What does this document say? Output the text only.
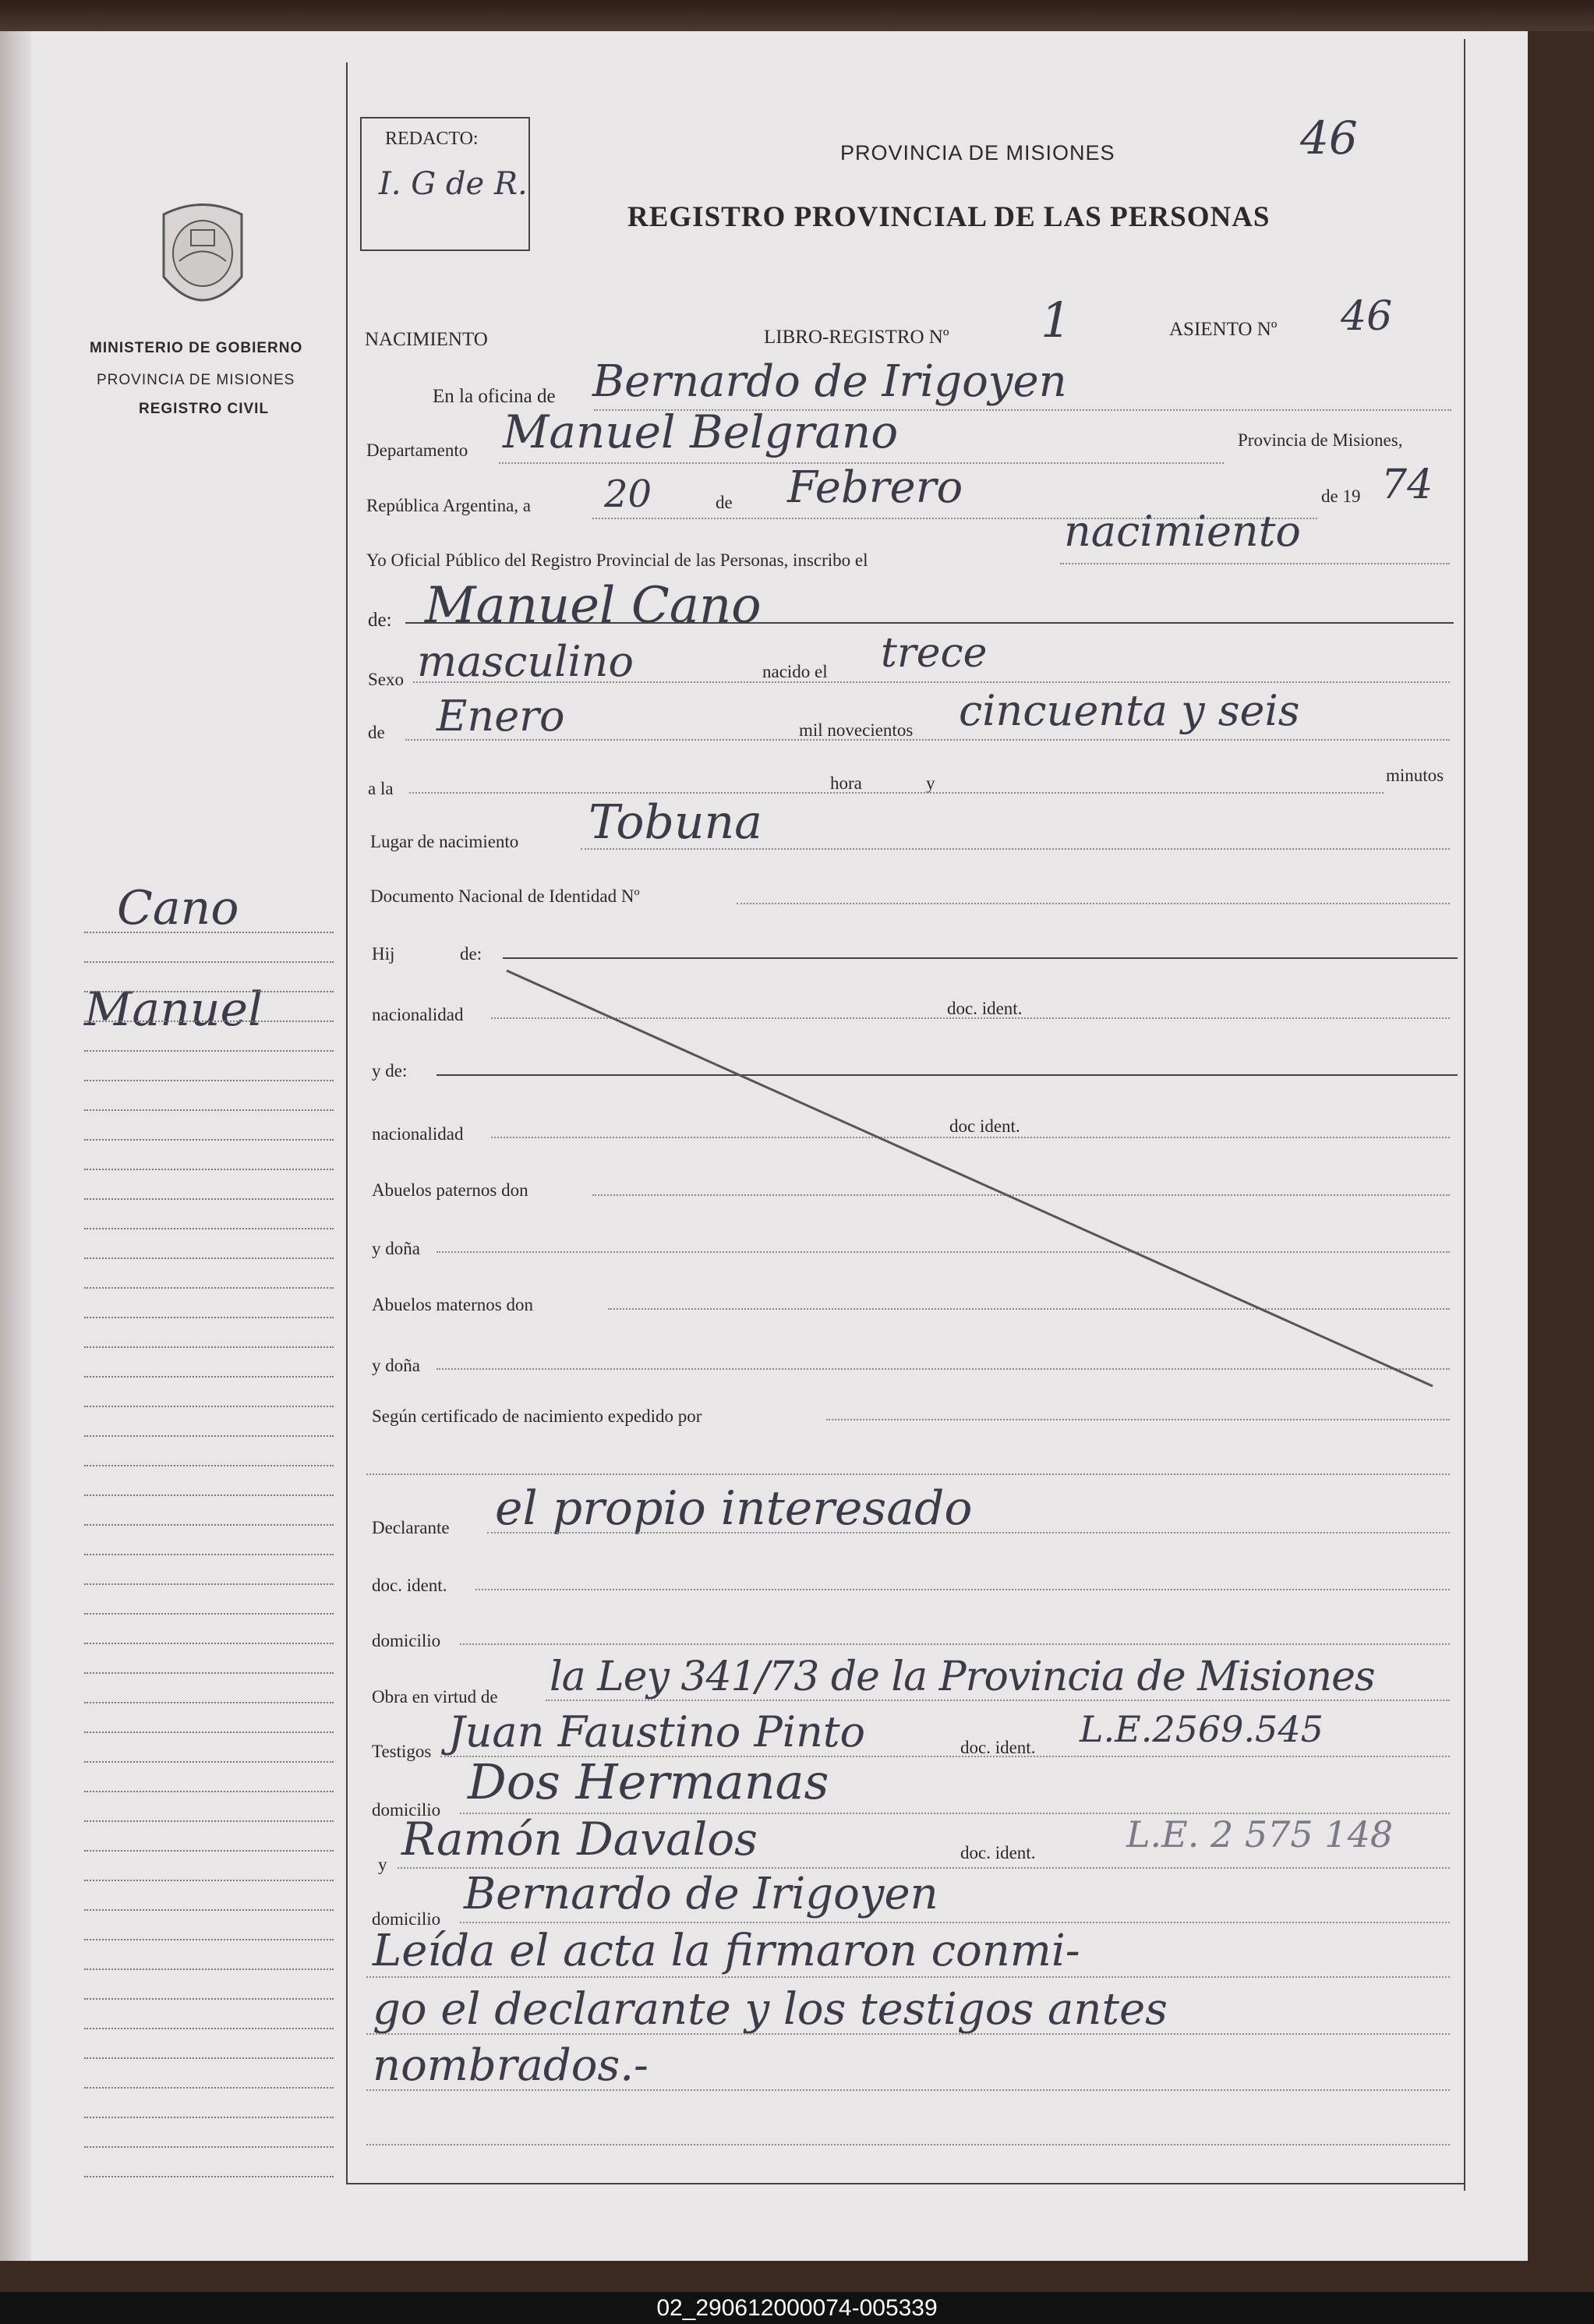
MINISTERIO DE GOBIERNO
PROVINCIA DE MISIONES
REGISTRO CIVIL
Cano
Manuel
REDACTO:
I. G de R.
PROVINCIA DE MISIONES	46
REGISTRO PROVINCIAL DE LAS PERSONAS
NACIMIENTO	LIBRO-REGISTRO Nº 1	ASIENTO Nº 46
En la oficina de Bernardo de Irigoyen
Departamento Manuel Belgrano	Provincia de Misiones,
República Argentina, a 20	de Febrero	de 19 74
Yo Oficial Público del Registro Provincial de las Personas, inscribo el
nacimiento
de: Manuel Cano
Sexo masculino	nacido el trece
de Enero	mil novecientos cincuenta y seis
a la	hora	y	minutos
Lugar de nacimiento Tobuna
Documento Nacional de Identidad Nº
Hij	de:
nacionalidad	doc. ident.
y de:
nacionalidad	doc ident.
Abuelos paternos don
y doña
Abuelos maternos don
y doña
Según certificado de nacimiento expedido por
Declarante el propio interesado
doc. ident.
domicilio
Obra en virtud de la Ley 341/73 de la Provincia de Misiones
Testigos Juan Faustino Pinto	doc. ident. L.E.2569.545
domicilio Dos Hermanas
y Ramón Davalos	doc. ident.	L.E. 2 575 148
domicilio Bernardo de Irigoyen
Leída el acta la firmaron conmi-
go el declarante y los testigos antes
nombrados.-
02_290612000074-005339
